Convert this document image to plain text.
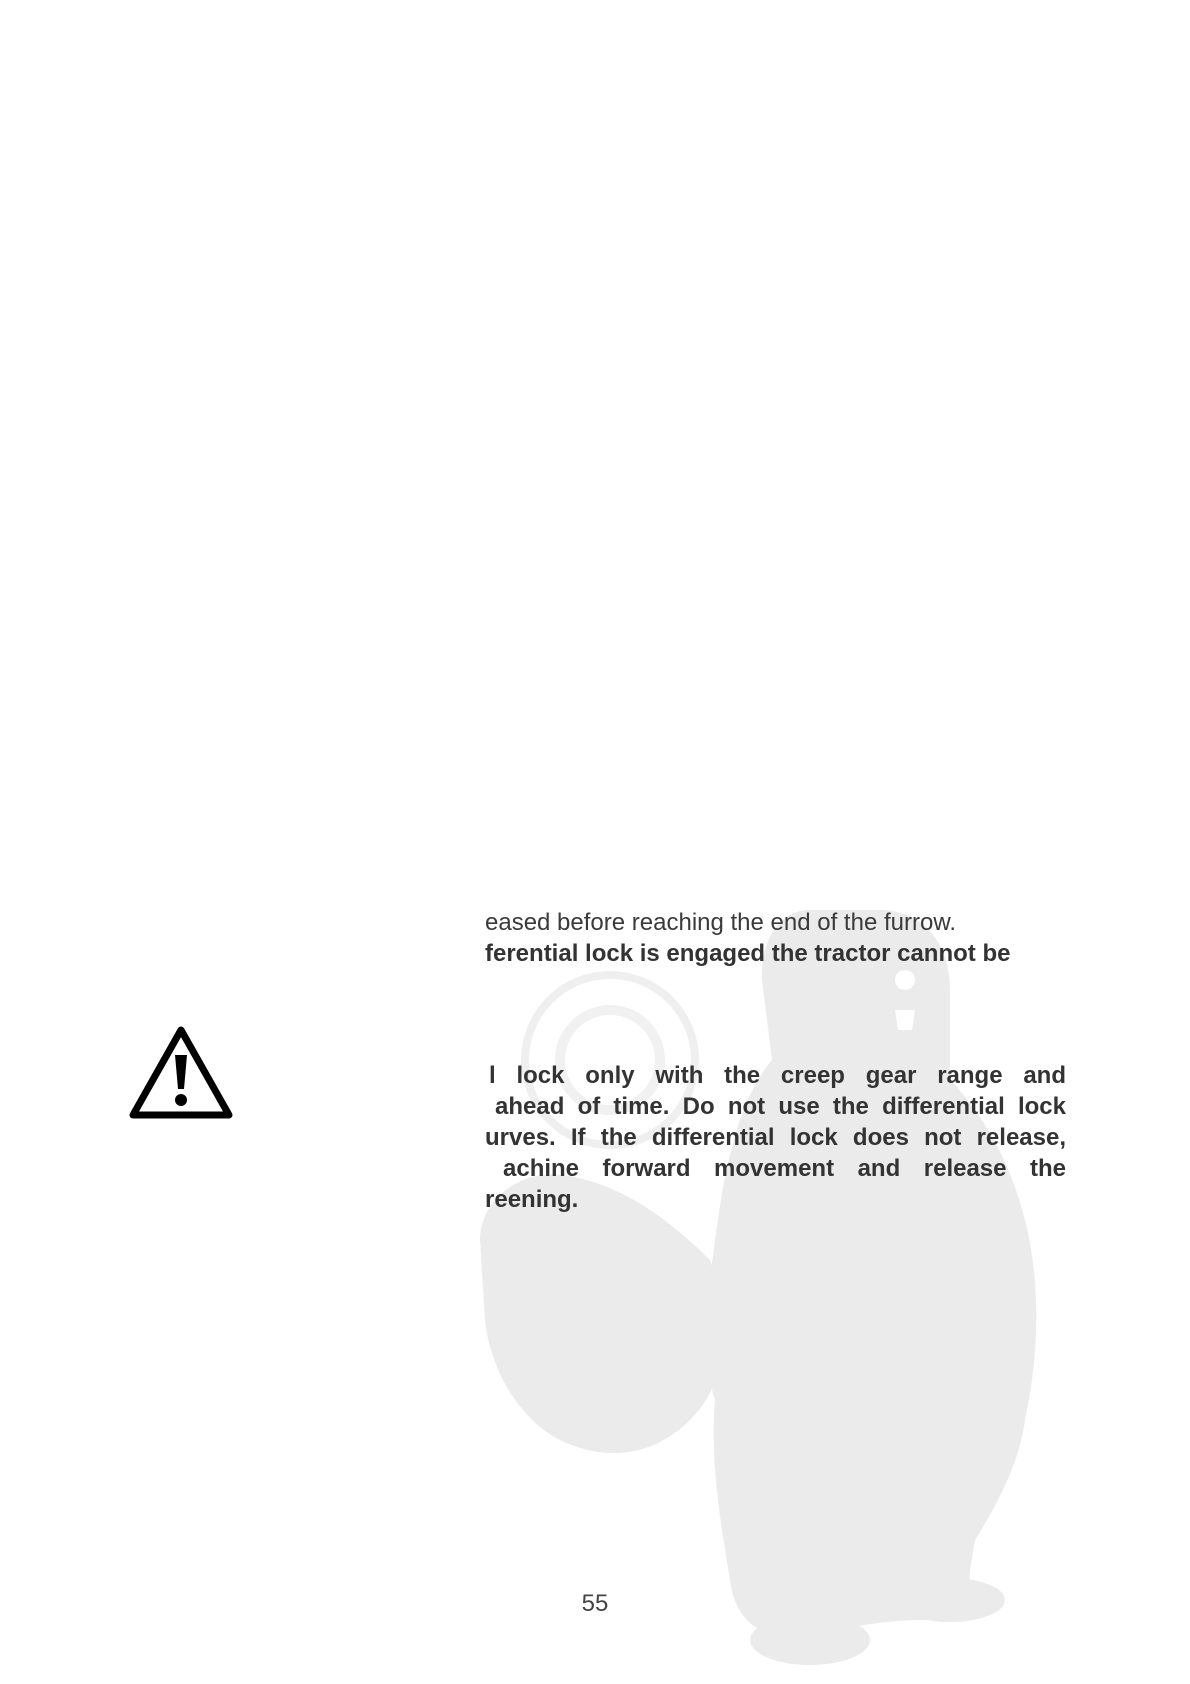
eased before reaching the end of the furrow.
ferential lock is engaged the tractor cannot be
l lock only with the creep gear range and
ahead of time. Do not use the differential lock
urves. If the differential lock does not release,
achine forward movement and release the
reening.
55
